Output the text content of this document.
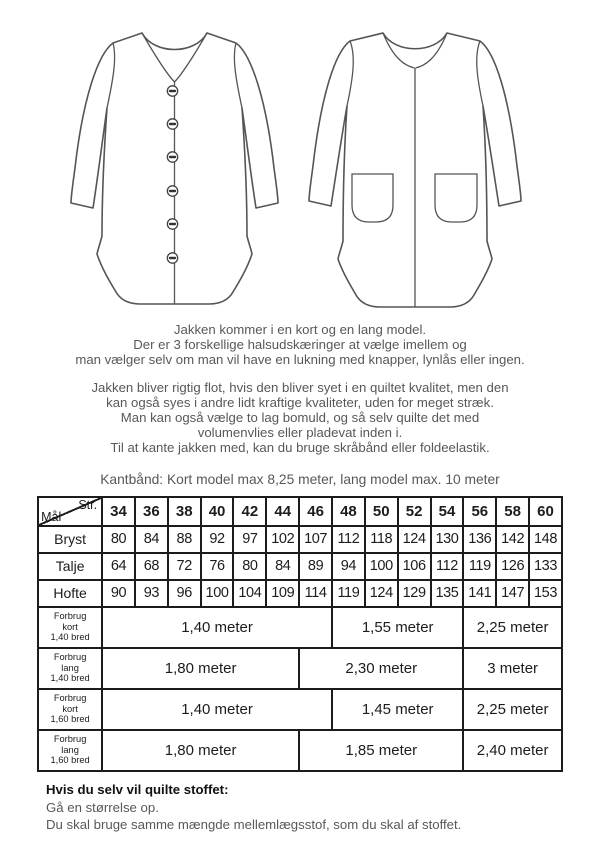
Jakken kommer i en kort og en lang model.
Der er 3 forskellige halsudskæringer at vælge imellem og
man vælger selv om man vil have en lukning med knapper, lynlås eller ingen.
Jakken bliver rigtig flot, hvis den bliver syet i en quiltet kvalitet, men den
kan også syes i andre lidt kraftige kvaliteter, uden for meget stræk.
Man kan også vælge to lag bomuld, og så selv quilte det med
volumenvlies eller pladevat inden i.
Til at kante jakken med, kan du bruge skråbånd eller foldeelastik.
Kantbånd: Kort model max 8,25 meter, lang model max. 10 meter
Str.
Mål	34	36	38	40	42	44	46	48	50	52	54	56	58	60
Bryst	80	84	88	92	97	102	107	112	118	124	130	136	142	148
Talje	64	68	72	76	80	84	89	94	100	106	112	119	126	133
Hofte	90	93	96	100	104	109	114	119	124	129	135	141	147	153

Forbrug
kort
1,40 bred	1,40 meter							1,55 meter				2,25 meter		

Forbrug
lang
1,40 bred	1,80 meter						2,30 meter					3 meter		

Forbrug
kort
1,60 bred	1,40 meter							1,45 meter				2,25 meter		

Forbrug
lang
1,60 bred	1,80 meter						1,85 meter					2,40 meter		
Hvis du selv vil quilte stoffet:
Gå en størrelse op.
Du skal bruge samme mængde mellemlægsstof, som du skal af stoffet.
